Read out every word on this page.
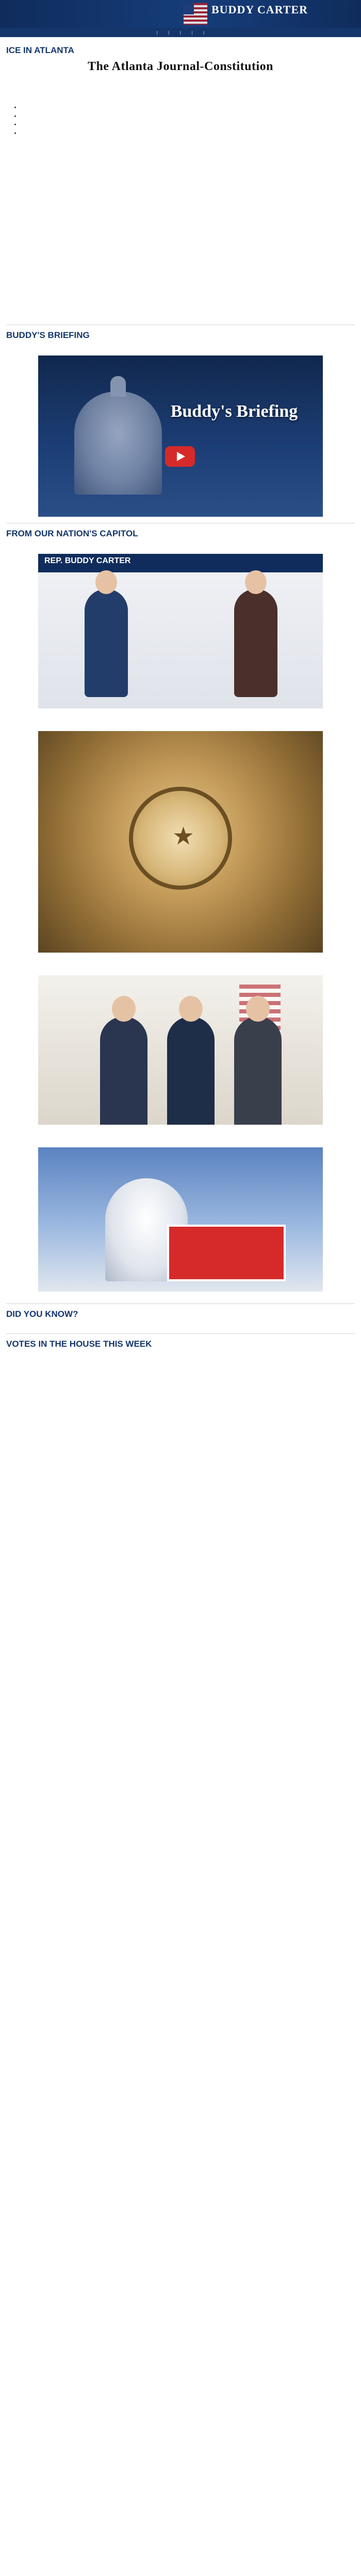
BUDDY CARTER
|	|	|	|	|
ICE IN ATLANTA
The Atlanta Journal-Constitution

•
•
•
•

BUDDY'S BRIEFING

Buddy's Briefing
FROM OUR NATION'S CAPITOL

REP. BUDDY CARTER

★

DID YOU KNOW?

VOTES IN THE HOUSE THIS WEEK
